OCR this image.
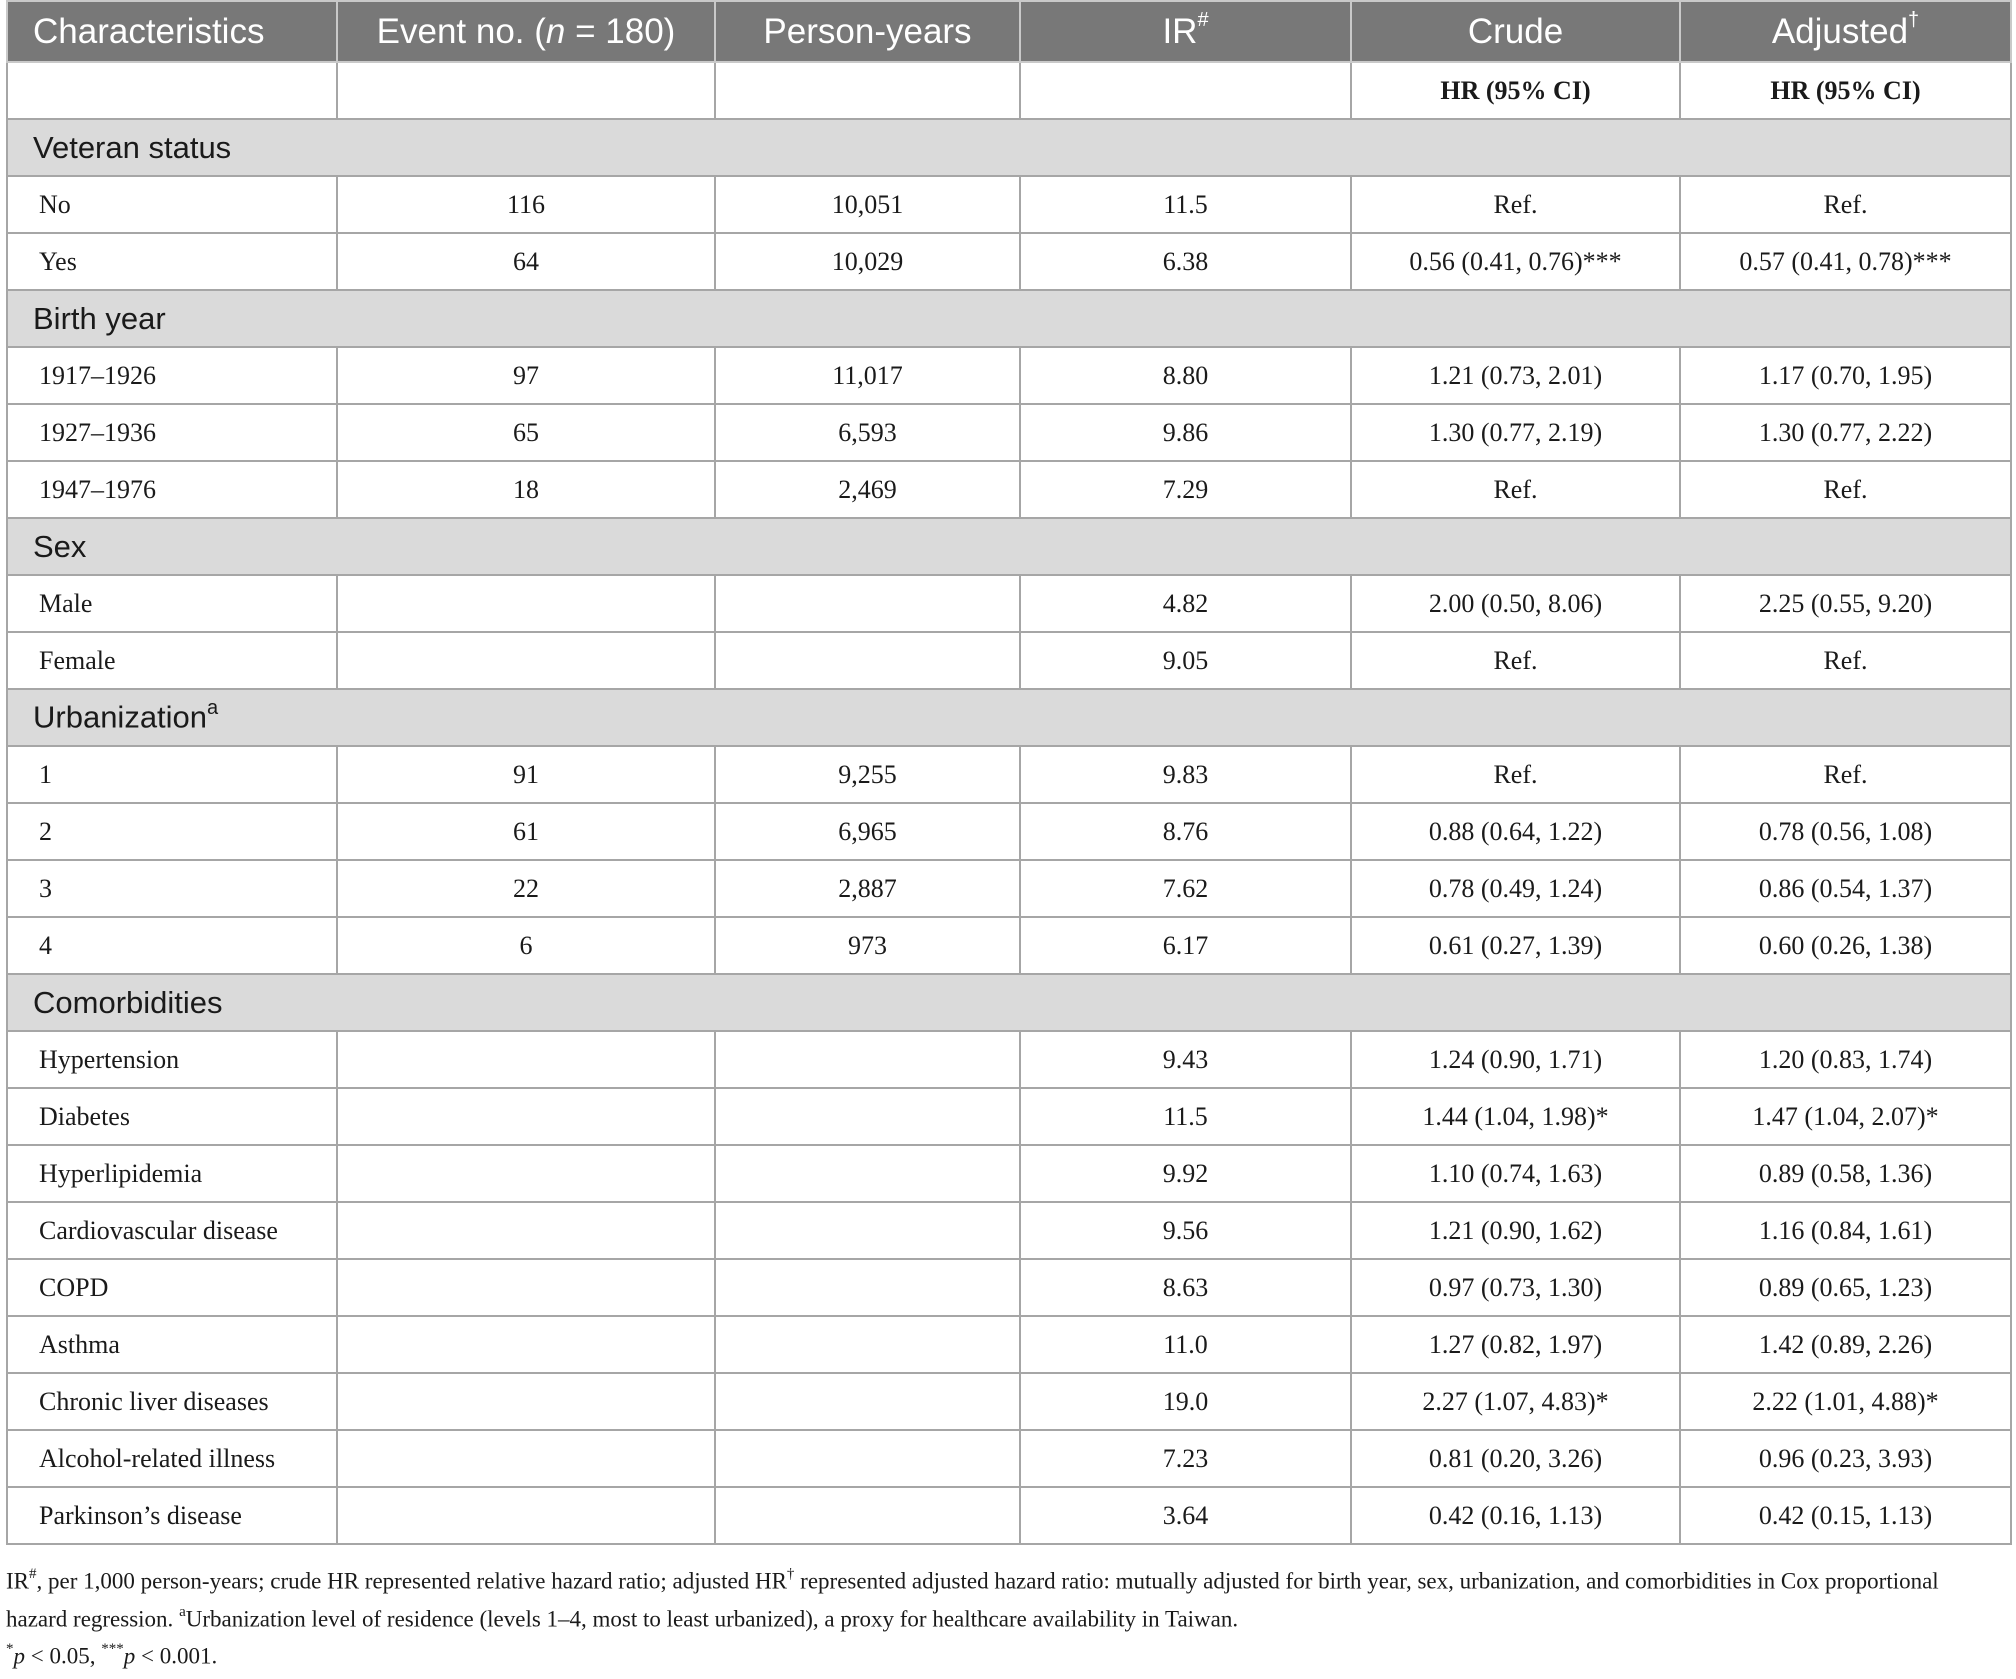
Characteristics	Event no. (n = 180)	Person-years	IR#	Crude	Adjusted†
				HR (95% CI)	HR (95% CI)
Veteran status					
No	116	10,051	11.5	Ref.	Ref.
Yes	64	10,029	6.38	0.56 (0.41, 0.76)***	0.57 (0.41, 0.78)***
Birth year					
1917–1926	97	11,017	8.80	1.21 (0.73, 2.01)	1.17 (0.70, 1.95)
1927–1936	65	6,593	9.86	1.30 (0.77, 2.19)	1.30 (0.77, 2.22)
1947–1976	18	2,469	7.29	Ref.	Ref.
Sex					
Male			4.82	2.00 (0.50, 8.06)	2.25 (0.55, 9.20)
Female			9.05	Ref.	Ref.
Urbanization$^a$
1	91	9,255	9.83	Ref.	Ref.
2	61	6,965	8.76	0.88 (0.64, 1.22)	0.78 (0.56, 1.08)
3	22	2,887	7.62	0.78 (0.49, 1.24)	0.86 (0.54, 1.37)
4	6	973	6.17	0.61 (0.27, 1.39)	0.60 (0.26, 1.38)
Comorbidities					
Hypertension			9.43	1.24 (0.90, 1.71)	1.20 (0.83, 1.74)
Diabetes			11.5	1.44 (1.04, 1.98)*	1.47 (1.04, 2.07)*
Hyperlipidemia			9.92	1.10 (0.74, 1.63)	0.89 (0.58, 1.36)
Cardiovascular disease			9.56	1.21 (0.90, 1.62)	1.16 (0.84, 1.61)
COPD			8.63	0.97 (0.73, 1.30)	0.89 (0.65, 1.23)
Asthma			11.0	1.27 (0.82, 1.97)	1.42 (0.89, 2.26)
Chronic liver diseases			19.0	2.27 (1.07, 4.83)*	2.22 (1.01, 4.88)*
Alcohol-related illness			7.23	0.81 (0.20, 3.26)	0.96 (0.23, 3.93)
Parkinson’s disease			3.64	0.42 (0.16, 1.13)	0.42 (0.15, 1.13)

IR#, per 1,000 person-years; crude HR represented relative hazard ratio; adjusted HR† represented adjusted hazard ratio: mutually adjusted for birth year, sex, urbanization, and comorbidities in Cox proportional hazard regression. $^a$Urbanization level of residence (levels 1–4, most to least urbanized), a proxy for healthcare availability in Taiwan.

*p < 0.05, ***p < 0.001.
